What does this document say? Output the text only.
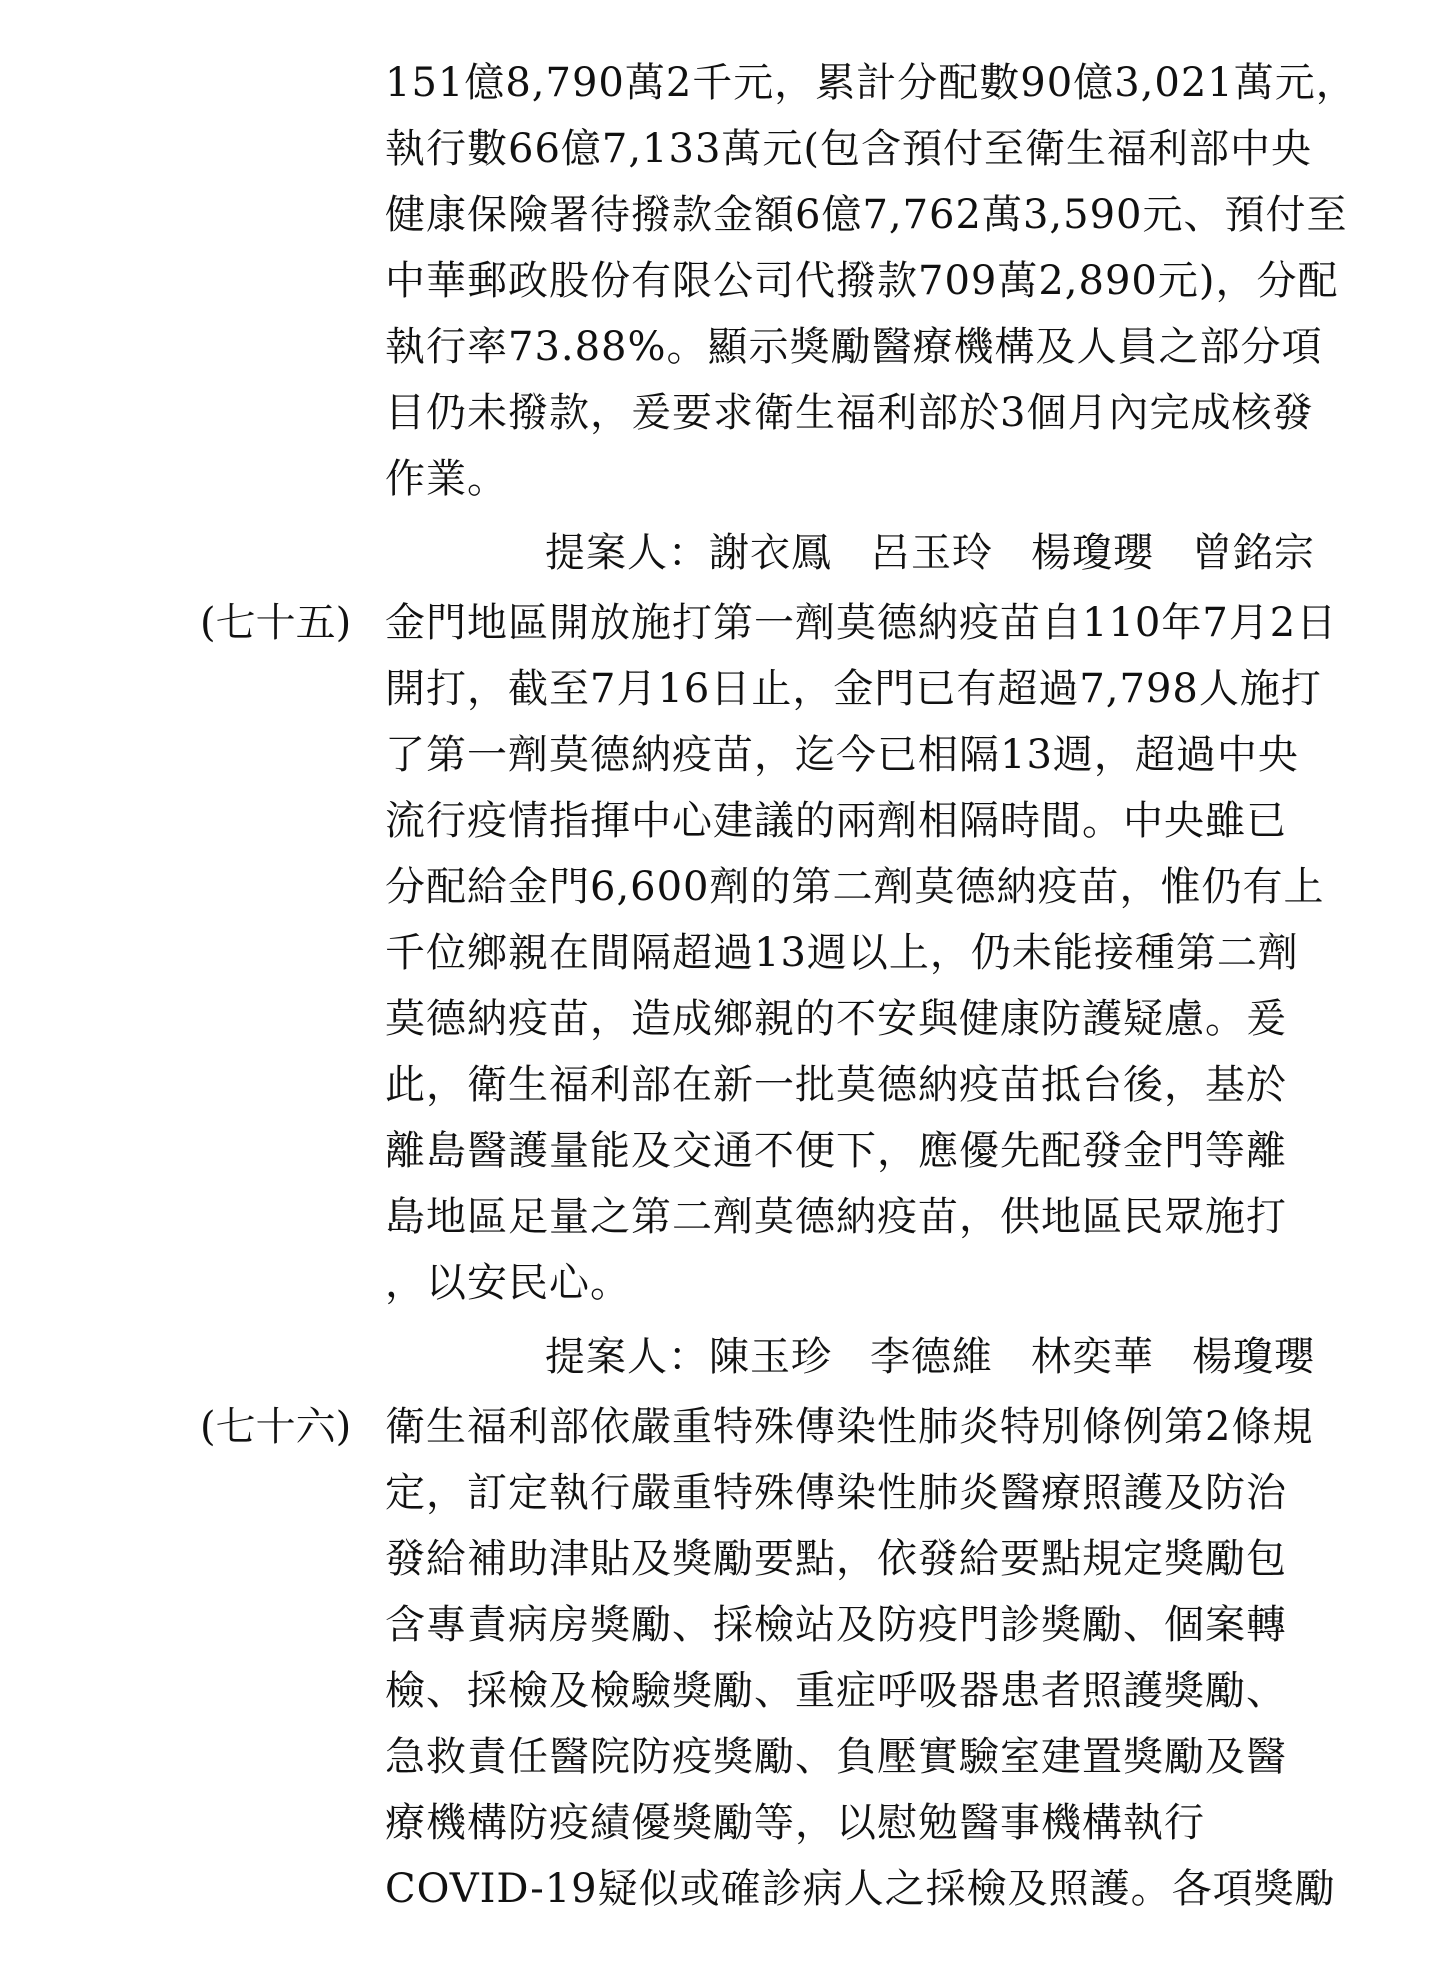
151億8,790萬2千元，累計分配數90億3,021萬元，
執行數66億7,133萬元(包含預付至衛生福利部中央
健康保險署待撥款金額6億7,762萬3,590元、預付至
中華郵政股份有限公司代撥款709萬2,890元)，分配
執行率73.88%。顯示獎勵醫療機構及人員之部分項
目仍未撥款，爰要求衛生福利部於3個月內完成核發
作業。
提案人：謝衣鳳 呂玉玲 楊瓊瓔 曾銘宗
(七十五) 金門地區開放施打第一劑莫德納疫苗自110年7月2日
開打，截至7月16日止，金門已有超過7,798人施打
了第一劑莫德納疫苗，迄今已相隔13週，超過中央
流行疫情指揮中心建議的兩劑相隔時間。中央雖已
分配給金門6,600劑的第二劑莫德納疫苗，惟仍有上
千位鄉親在間隔超過13週以上，仍未能接種第二劑
莫德納疫苗，造成鄉親的不安與健康防護疑慮。爰
此，衛生福利部在新一批莫德納疫苗抵台後，基於
離島醫護量能及交通不便下，應優先配發金門等離
島地區足量之第二劑莫德納疫苗，供地區民眾施打
，以安民心。
提案人：陳玉珍 李德維 林奕華 楊瓊瓔
(七十六) 衛生福利部依嚴重特殊傳染性肺炎特別條例第2條規
定，訂定執行嚴重特殊傳染性肺炎醫療照護及防治
發給補助津貼及獎勵要點，依發給要點規定獎勵包
含專責病房獎勵、採檢站及防疫門診獎勵、個案轉
檢、採檢及檢驗獎勵、重症呼吸器患者照護獎勵、
急救責任醫院防疫獎勵、負壓實驗室建置獎勵及醫
療機構防疫績優獎勵等，以慰勉醫事機構執行
COVID-19疑似或確診病人之採檢及照護。各項獎勵
